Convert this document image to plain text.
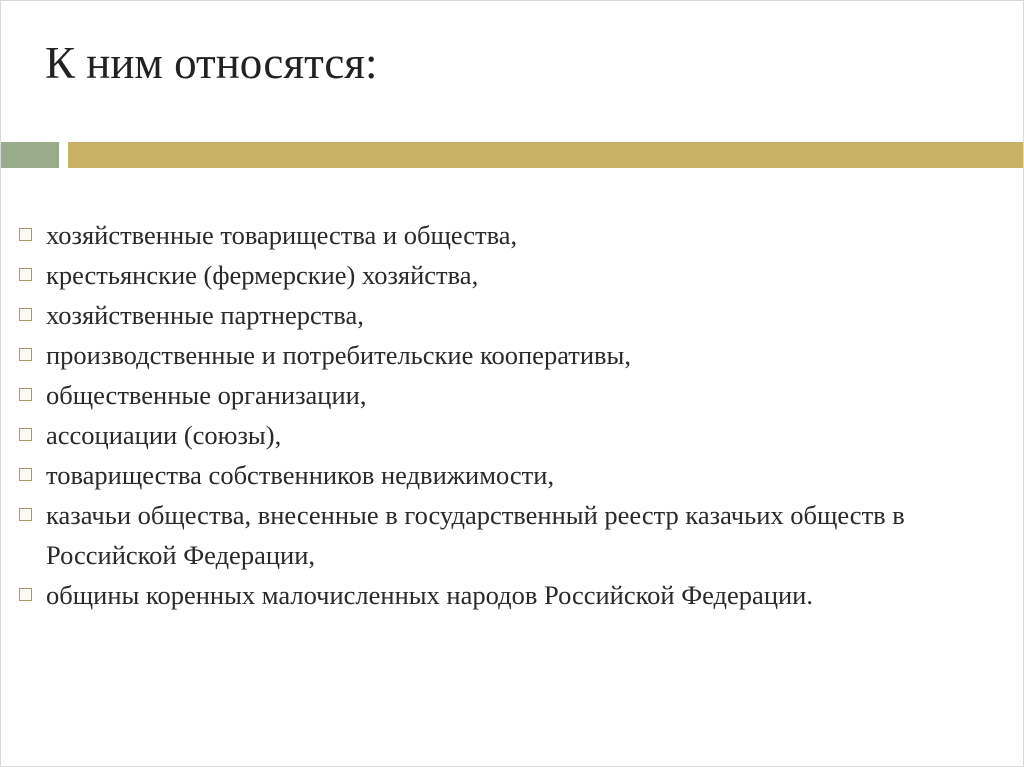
К ним относятся:
хозяйственные товарищества и общества,
крестьянские (фермерские) хозяйства,
хозяйственные партнерства,
производственные и потребительские кооперативы,
общественные организации,
ассоциации (союзы),
товарищества собственников недвижимости,
казачьи общества, внесенные в государственный реестр казачьих обществ в Российской Федерации,
общины коренных малочисленных народов Российской Федерации.
